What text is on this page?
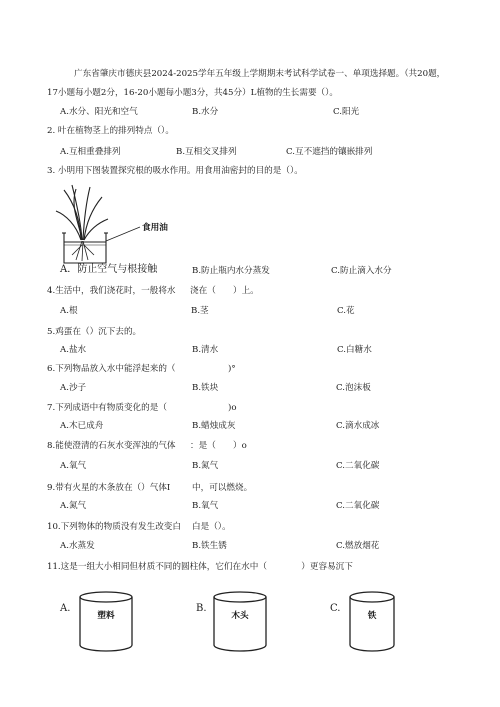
广东省肇庆市德庆县2024-2025学年五年级上学期期末考试科学试卷一、单项选择题。（共20题，
17小题每小题2分，16-20小题每小题3分，共45分）L植物的生长需要（）。
A.水分、阳光和空气	B.水分	C.阳光
2. 叶在植物茎上的排列特点（）。
A.互相重叠排列	B.互相交叉排列	C.互不遮挡的镶嵌排列
3. 小明用下图装置探究根的吸水作用。用食用油密封的目的是（）。
食用油
A．防止空气与根接触	B.防止瓶内水分蒸发	C.防止滴入水分
4.生活中，我们浇花时，一般将水 浇在（　　）上。
A.根	B.茎	C.花
5.鸡蛋在（）沉下去的。
A.盐水	B.清水	C.白糖水
6.下列物品放入水中能浮起来的（	)°
A.沙子	B.铁块	C.泡沫板
7.下列成语中有物质变化的是（	)o
A.木已成舟	B.蜡烛成灰	C.滴水成冰
8.能使澄清的石灰水变浑浊的气体 ：是（　　）o
A.氧气	B.氮气	C.二氧化碳
9.带有火星的木条放在（）气体I	中，可以燃烧。
A.氮气	B.氧气	C.二氧化碳
10.下列物体的物质没有发生改变白 白是（）。
A.水蒸发	B.铁生锈	C.燃放烟花
11.这是一组大小相同但材质不同的圆柱体，它们在水中（　　　　）更容易沉下
A.
塑料
B.
木头
C.
铁
